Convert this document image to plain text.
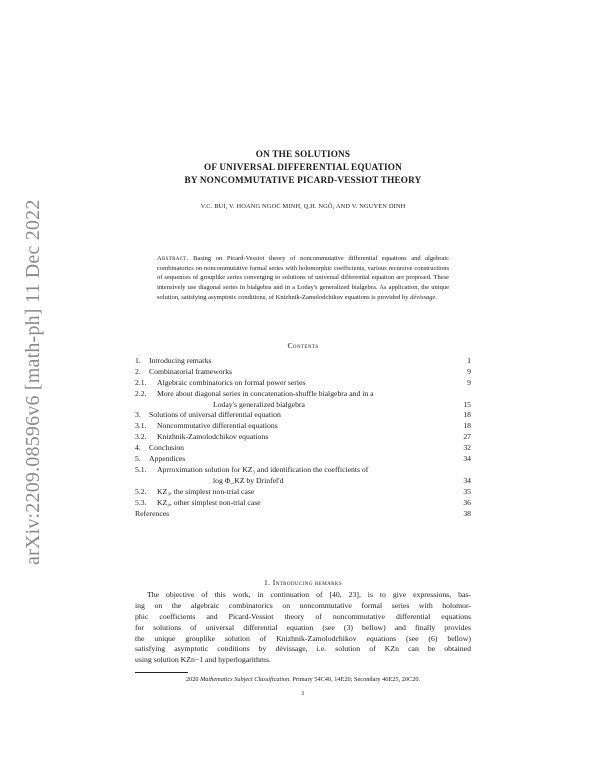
arXiv:2209.08596v6 [math-ph] 11 Dec 2022
ON THE SOLUTIONS
OF UNIVERSAL DIFFERENTIAL EQUATION
BY NONCOMMUTATIVE PICARD-VESSIOT THEORY
V.C. BUI, V. HOANG NGOC MINH, Q.H. NGÔ, AND V. NGUYEN DINH
Abstract. Basing on Picard-Vessiot theory of noncommutative differential equations and algebraic combinatorics on noncommutative formal series with holomorphic coefficients, various recursive constructions of sequences of grouplike series converging to solutions of universal differential equation are proposed. These intensively use diagonal series in bialgebra and in a Loday's generalized bialgebra. As application, the unique solution, satisfying asymptotic conditions, of Knizhnik-Zamolodchikov equations is provided by dévissage.
Contents
1. Introducing remarks	1
2. Combinatorial frameworks	9
2.1. Algebraic combinatorics on formal power series	9
2.2. More about diagonal series in concatenation-shuffle bialgebra and in a
Loday's generalized bialgebra	15
3. Solutions of universal differential equation	18
3.1. Noncommutative differential equations	18
3.2. Knizhnik-Zamolodchikov equations	27
4. Conclusion	32
5. Appendices	34
5.1. Aprroximation solution for KZ₃ and identification the coefficients of
log Φ_KZ by Drinfel'd	34
5.2. KZ₃, the simplest non-trial case	35
5.3. KZ₄, other simplest non-trial case	36
References	38
1. Introducing remarks
The objective of this work, in continuation of [40, 23], is to give expressions, bas-
ing on the algebraic combinatorics on noncommutative formal series with holomor-
phic coefficients and Picard-Vessiot theory of noncommutative differential equations
for solutions of universal differential equation (see (3) bellow) and finally provides
the unique grouplike solution of Knizhnik-Zamolodchikov equations (see (6) bellow)
satisfying asymptotic conditions by dévissage, i.e. solution of KZn can be obtained
using solution KZn−1 and hyperlogarithms.
2020 Mathematics Subject Classification. Primary 54C40, 14E20; Secondary 46E25, 20C20.
1
